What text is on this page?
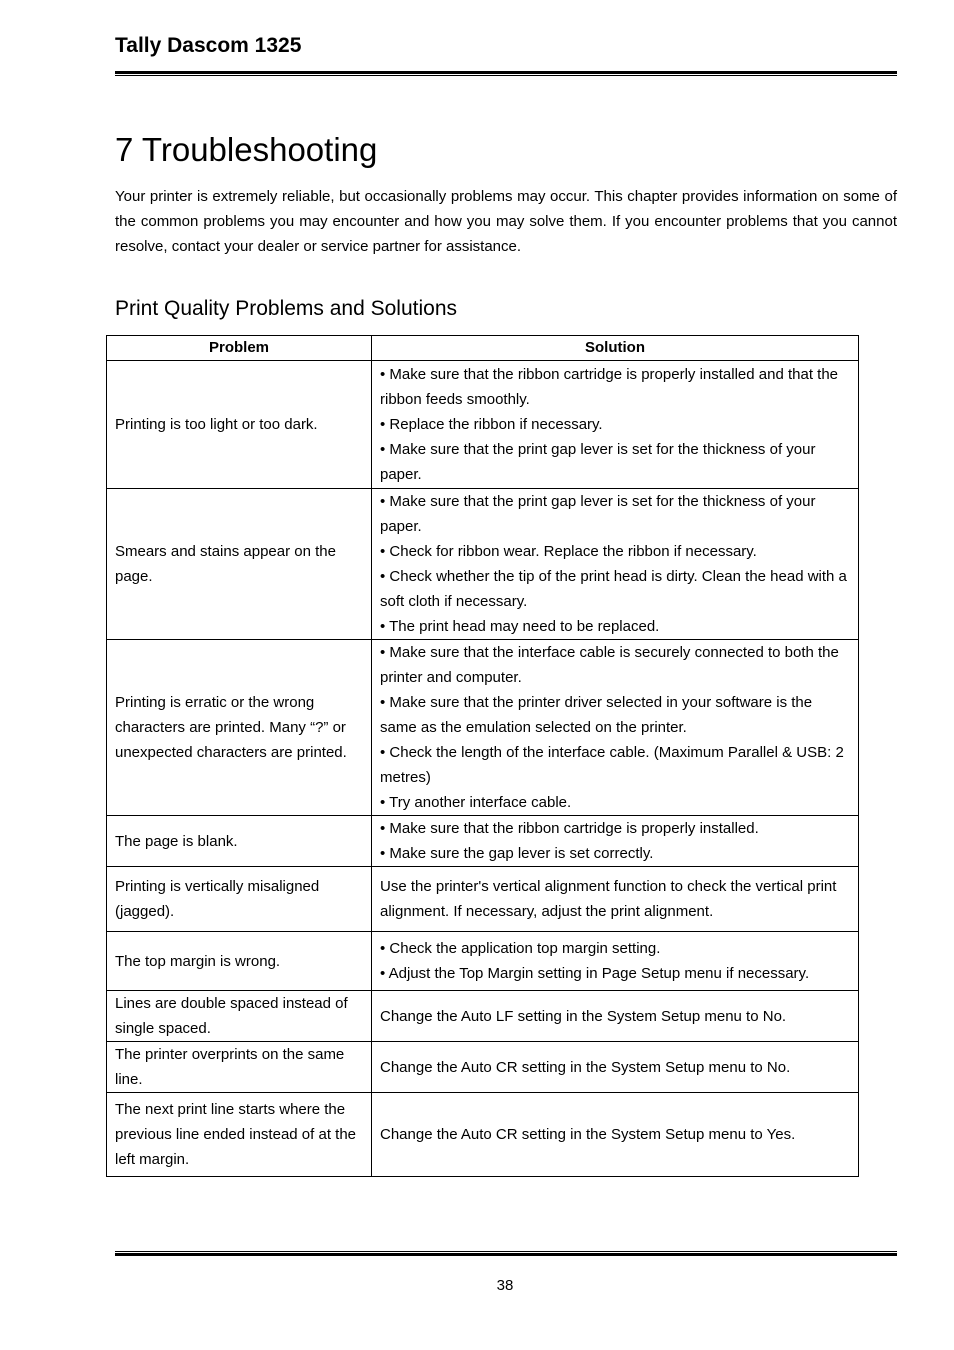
Tally Dascom 1325
7 Troubleshooting

Your printer is extremely reliable, but occasionally problems may occur. This chapter provides information on some of the common problems you may encounter and how you may solve them. If you encounter problems that you cannot resolve, contact your dealer or service partner for assistance.

Print Quality Problems and Solutions
Problem	Solution
Printing is too light or too dark.	• Make sure that the ribbon cartridge is properly installed and that the ribbon feeds smoothly.
• Replace the ribbon if necessary.
• Make sure that the print gap lever is set for the thickness of your paper.

Smears and stains appear on the page.	• Make sure that the print gap lever is set for the thickness of your paper.
• Check for ribbon wear. Replace the ribbon if necessary.
• Check whether the tip of the print head is dirty. Clean the head with a soft cloth if necessary.
• The print head may need to be replaced.

Printing is erratic or the wrong characters are printed. Many “?” or unexpected characters are printed.	• Make sure that the interface cable is securely connected to both the printer and computer.
• Make sure that the printer driver selected in your software is the same as the emulation selected on the printer.
• Check the length of the interface cable. (Maximum Parallel & USB: 2 metres)
• Try another interface cable.

The page is blank.	• Make sure that the ribbon cartridge is properly installed.
• Make sure the gap lever is set correctly.

Printing is vertically misaligned (jagged).	Use the printer's vertical alignment function to check the vertical print alignment. If necessary, adjust the print alignment.

The top margin is wrong.	• Check the application top margin setting.
• Adjust the Top Margin setting in Page Setup menu if necessary.

Lines are double spaced instead of single spaced.	Change the Auto LF setting in the System Setup menu to No.

The printer overprints on the same line.	Change the Auto CR setting in the System Setup menu to No.

The next print line starts where the previous line ended instead of at the left margin.	Change the Auto CR setting in the System Setup menu to Yes.
38
